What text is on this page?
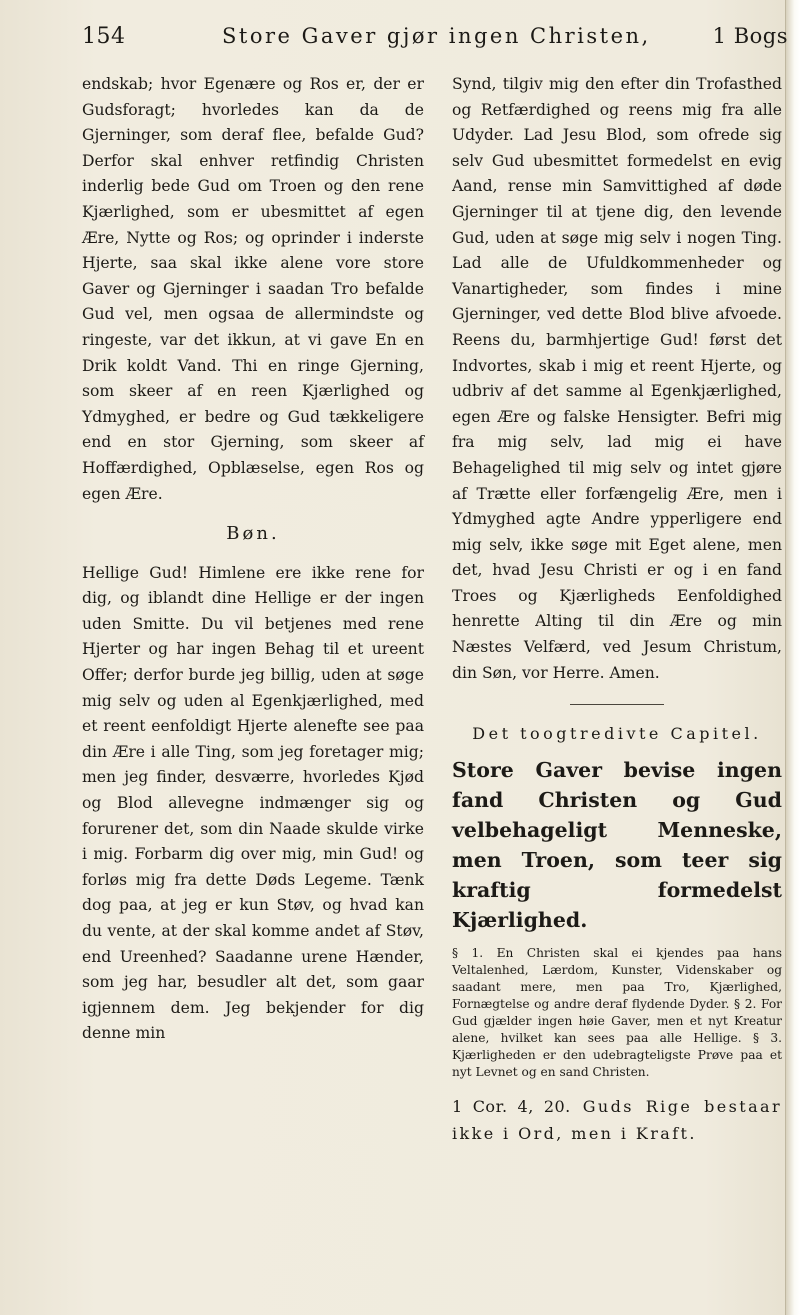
154	Store Gaver gjør ingen Christen,	1 Bogs

endskab; hvor Egenære og Ros er, der er Gudsforagt; hvorledes kan da de Gjerninger, som deraf flee, befalde Gud? Derfor skal enhver retfindig Christen inderlig bede Gud om Troen og den rene Kjærlighed, som er ubesmittet af egen Ære, Nytte og Ros; og oprinder i inderste Hjerte, saa skal ikke alene vore store Gaver og Gjerninger i saadan Tro befalde Gud vel, men ogsaa de allermindste og ringeste, var det ikkun, at vi gave En en Drik koldt Vand. Thi en ringe Gjerning, som skeer af en reen Kjærlighed og Ydmyghed, er bedre og Gud tækkeligere end en stor Gjerning, som skeer af Hoffærdighed, Opblæselse, egen Ros og egen Ære.

Bøn.

Hellige Gud! Himlene ere ikke rene for dig, og iblandt dine Hellige er der ingen uden Smitte. Du vil betjenes med rene Hjerter og har ingen Behag til et ureent Offer; derfor burde jeg billig, uden at søge mig selv og uden al Egenkjærlighed, med et reent eenfoldigt Hjerte alenefte see paa din Ære i alle Ting, som jeg foretager mig; men jeg finder, desværre, hvorledes Kjød og Blod allevegne indmænger sig og forurener det, som din Naade skulde virke i mig. Forbarm dig over mig, min Gud! og forløs mig fra dette Døds Legeme. Tænk dog paa, at jeg er kun Støv, og hvad kan du vente, at der skal komme andet af Støv, end Ureenhed? Saadanne urene Hænder, som jeg har, besudler alt det, som gaar igjennem dem. Jeg bekjender for dig denne min

Synd, tilgiv mig den efter din Trofasthed og Retfærdighed og reens mig fra alle Udyder. Lad Jesu Blod, som ofrede sig selv Gud ubesmittet formedelst en evig Aand, rense min Samvittighed af døde Gjerninger til at tjene dig, den levende Gud, uden at søge mig selv i nogen Ting. Lad alle de Ufuldkommenheder og Vanartigheder, som findes i mine Gjerninger, ved dette Blod blive afvoede. Reens du, barmhjertige Gud! først det Indvortes, skab i mig et reent Hjerte, og udbriv af det samme al Egenkjærlighed, egen Ære og falske Hensigter. Befri mig fra mig selv, lad mig ei have Behagelighed til mig selv og intet gjøre af Trætte eller forfængelig Ære, men i Ydmyghed agte Andre ypperligere end mig selv, ikke søge mit Eget alene, men det, hvad Jesu Christi er og i en fand Troes og Kjærligheds Eenfoldighed henrette Alting til din Ære og min Næstes Velfærd, ved Jesum Christum, din Søn, vor Herre. Amen.

Det toogtredivte Capitel.

Store Gaver bevise ingen fand Christen og Gud velbehageligt Menneske, men Troen, som teer sig kraftig formedelst Kjærlighed.

§ 1. En Christen skal ei kjendes paa hans Veltalenhed, Lærdom, Kunster, Videnskaber og saadant mere, men paa Tro, Kjærlighed, Fornægtelse og andre deraf flydende Dyder. § 2. For Gud gjælder ingen høie Gaver, men et nyt Kreatur alene, hvilket kan sees paa alle Hellige. § 3. Kjærligheden er den udebragteligste Prøve paa et nyt Levnet og en sand Christen.

1 Cor. 4, 20. Guds Rige bestaar ikke i Ord, men i Kraft.
